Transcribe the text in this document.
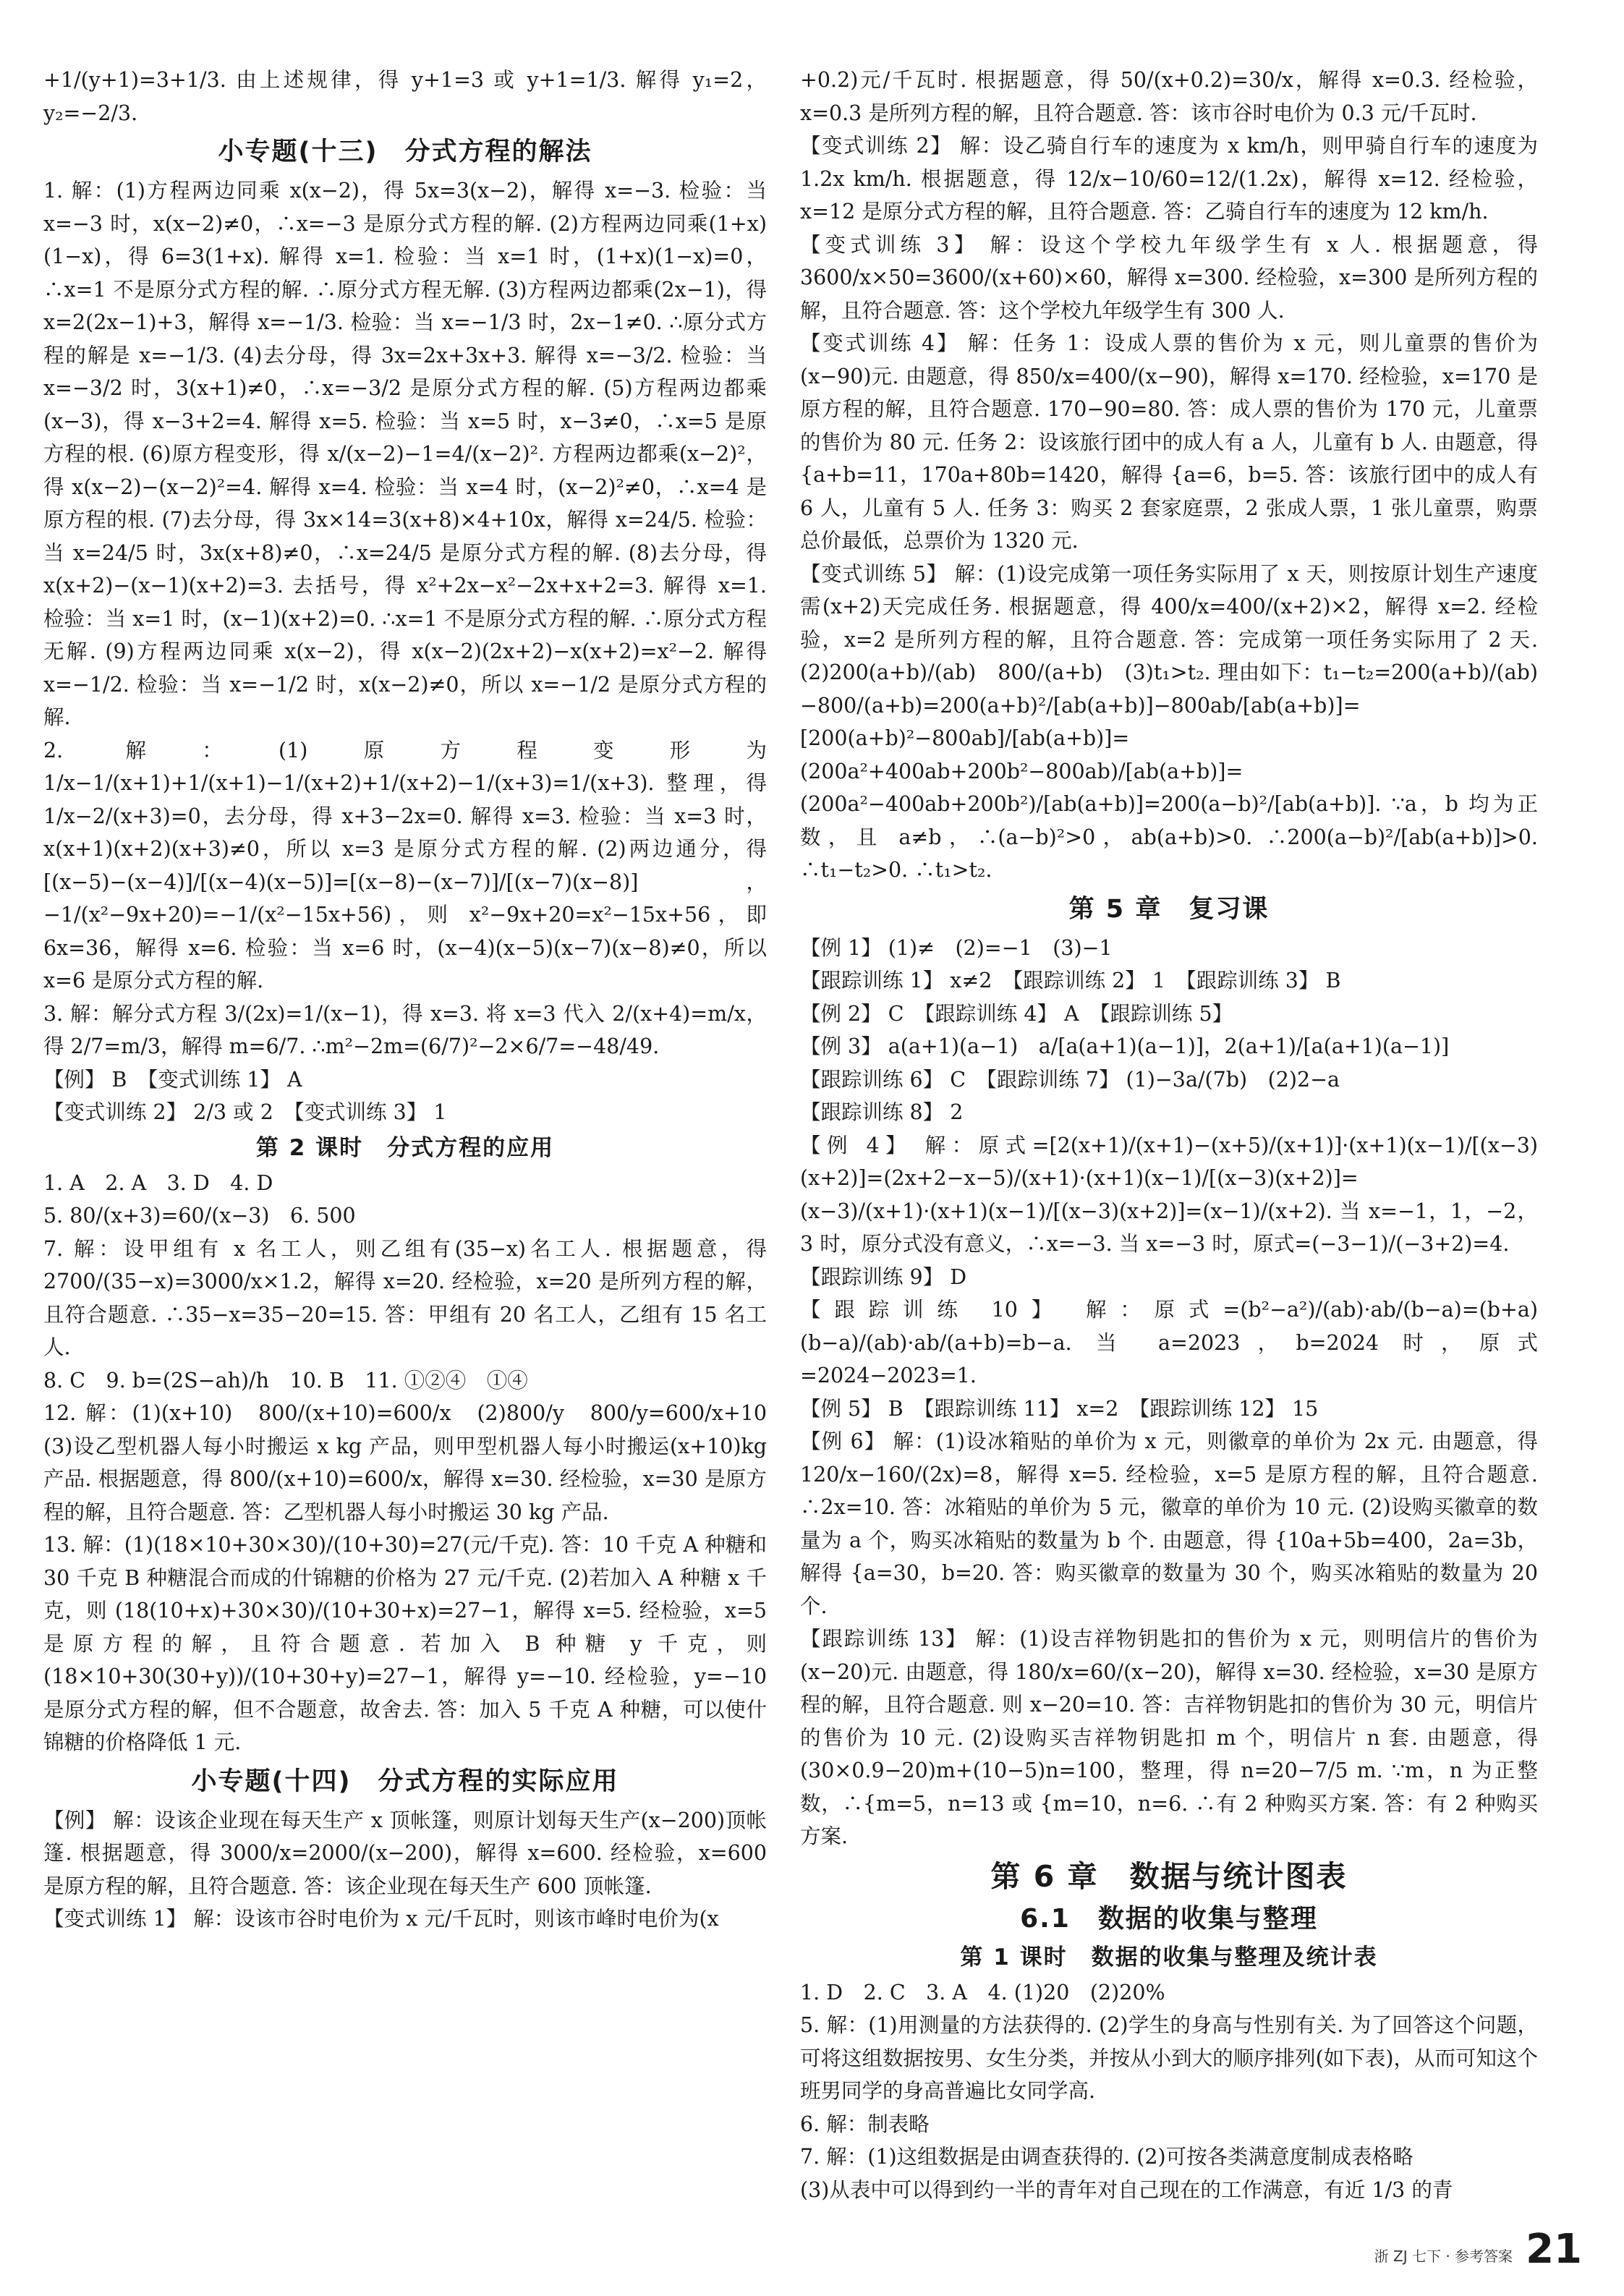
+1/(y+1)=3+1/3. 由上述规律，得 y+1=3 或 y+1=1/3. 解得 y₁=2，y₂=−2/3.

小专题(十三)　分式方程的解法

1. 解：(1)方程两边同乘 x(x−2)，得 5x=3(x−2)，解得 x=−3. 检验：当 x=−3 时，x(x−2)≠0，∴x=−3 是原分式方程的解. (2)方程两边同乘(1+x)(1−x)，得 6=3(1+x). 解得 x=1. 检验：当 x=1 时，(1+x)(1−x)=0，∴x=1 不是原分式方程的解. ∴原分式方程无解. (3)方程两边都乘(2x−1)，得 x=2(2x−1)+3，解得 x=−1/3. 检验：当 x=−1/3 时，2x−1≠0. ∴原分式方程的解是 x=−1/3. (4)去分母，得 3x=2x+3x+3. 解得 x=−3/2. 检验：当 x=−3/2 时，3(x+1)≠0，∴x=−3/2 是原分式方程的解. (5)方程两边都乘(x−3)，得 x−3+2=4. 解得 x=5. 检验：当 x=5 时，x−3≠0，∴x=5 是原方程的根. (6)原方程变形，得 x/(x−2)−1=4/(x−2)². 方程两边都乘(x−2)²，得 x(x−2)−(x−2)²=4. 解得 x=4. 检验：当 x=4 时，(x−2)²≠0，∴x=4 是原方程的根. (7)去分母，得 3x×14=3(x+8)×4+10x，解得 x=24/5. 检验：当 x=24/5 时，3x(x+8)≠0，∴x=24/5 是原分式方程的解. (8)去分母，得 x(x+2)−(x−1)(x+2)=3. 去括号，得 x²+2x−x²−2x+x+2=3. 解得 x=1. 检验：当 x=1 时，(x−1)(x+2)=0. ∴x=1 不是原分式方程的解. ∴原分式方程无解. (9)方程两边同乘 x(x−2)，得 x(x−2)(2x+2)−x(x+2)=x²−2. 解得 x=−1/2. 检验：当 x=−1/2 时，x(x−2)≠0，所以 x=−1/2 是原分式方程的解.

2. 解：(1)原方程变形为 1/x−1/(x+1)+1/(x+1)−1/(x+2)+1/(x+2)−1/(x+3)=1/(x+3). 整理，得 1/x−2/(x+3)=0，去分母，得 x+3−2x=0. 解得 x=3. 检验：当 x=3 时，x(x+1)(x+2)(x+3)≠0，所以 x=3 是原分式方程的解. (2)两边通分，得 [(x−5)−(x−4)]/[(x−4)(x−5)]=[(x−8)−(x−7)]/[(x−7)(x−8)]，−1/(x²−9x+20)=−1/(x²−15x+56)，则 x²−9x+20=x²−15x+56，即 6x=36，解得 x=6. 检验：当 x=6 时，(x−4)(x−5)(x−7)(x−8)≠0，所以 x=6 是原分式方程的解.

3. 解：解分式方程 3/(2x)=1/(x−1)，得 x=3. 将 x=3 代入 2/(x+4)=m/x，得 2/7=m/3，解得 m=6/7. ∴m²−2m=(6/7)²−2×6/7=−48/49.

【例】 B　【变式训练 1】 A

【变式训练 2】 2/3 或 2　【变式训练 3】 1

第 2 课时　分式方程的应用

1. A　2. A　3. D　4. D

5. 80/(x+3)=60/(x−3)　6. 500

7. 解：设甲组有 x 名工人，则乙组有(35−x)名工人. 根据题意，得 2700/(35−x)=3000/x×1.2，解得 x=20. 经检验，x=20 是所列方程的解，且符合题意. ∴35−x=35−20=15. 答：甲组有 20 名工人，乙组有 15 名工人.

8. C　9. b=(2S−ah)/h　10. B　11. ①②④　①④

12. 解：(1)(x+10)　800/(x+10)=600/x　(2)800/y　800/y=600/x+10　(3)设乙型机器人每小时搬运 x kg 产品，则甲型机器人每小时搬运(x+10)kg 产品. 根据题意，得 800/(x+10)=600/x，解得 x=30. 经检验，x=30 是原方程的解，且符合题意. 答：乙型机器人每小时搬运 30 kg 产品.

13. 解：(1)(18×10+30×30)/(10+30)=27(元/千克). 答：10 千克 A 种糖和 30 千克 B 种糖混合而成的什锦糖的价格为 27 元/千克. (2)若加入 A 种糖 x 千克，则 (18(10+x)+30×30)/(10+30+x)=27−1，解得 x=5. 经检验，x=5 是原方程的解，且符合题意. 若加入 B 种糖 y 千克，则 (18×10+30(30+y))/(10+30+y)=27−1，解得 y=−10. 经检验，y=−10 是原分式方程的解，但不合题意，故舍去. 答：加入 5 千克 A 种糖，可以使什锦糖的价格降低 1 元.

小专题(十四)　分式方程的实际应用

【例】 解：设该企业现在每天生产 x 顶帐篷，则原计划每天生产(x−200)顶帐篷. 根据题意，得 3000/x=2000/(x−200)，解得 x=600. 经检验，x=600 是原方程的解，且符合题意. 答：该企业现在每天生产 600 顶帐篷.

【变式训练 1】 解：设该市谷时电价为 x 元/千瓦时，则该市峰时电价为(x

+0.2)元/千瓦时. 根据题意，得 50/(x+0.2)=30/x，解得 x=0.3. 经检验，x=0.3 是所列方程的解，且符合题意. 答：该市谷时电价为 0.3 元/千瓦时.

【变式训练 2】 解：设乙骑自行车的速度为 x km/h，则甲骑自行车的速度为 1.2x km/h. 根据题意，得 12/x−10/60=12/(1.2x)，解得 x=12. 经检验，x=12 是原分式方程的解，且符合题意. 答：乙骑自行车的速度为 12 km/h.

【变式训练 3】 解：设这个学校九年级学生有 x 人. 根据题意，得 3600/x×50=3600/(x+60)×60，解得 x=300. 经检验，x=300 是所列方程的解，且符合题意. 答：这个学校九年级学生有 300 人.

【变式训练 4】 解：任务 1：设成人票的售价为 x 元，则儿童票的售价为(x−90)元. 由题意，得 850/x=400/(x−90)，解得 x=170. 经检验，x=170 是原方程的解，且符合题意. 170−90=80. 答：成人票的售价为 170 元，儿童票的售价为 80 元. 任务 2：设该旅行团中的成人有 a 人，儿童有 b 人. 由题意，得 {a+b=11，170a+80b=1420，解得 {a=6，b=5. 答：该旅行团中的成人有 6 人，儿童有 5 人. 任务 3：购买 2 套家庭票，2 张成人票，1 张儿童票，购票总价最低，总票价为 1320 元.

【变式训练 5】 解：(1)设完成第一项任务实际用了 x 天，则按原计划生产速度需(x+2)天完成任务. 根据题意，得 400/x=400/(x+2)×2，解得 x=2. 经检验，x=2 是所列方程的解，且符合题意. 答：完成第一项任务实际用了 2 天. (2)200(a+b)/(ab)　800/(a+b)　(3)t₁>t₂. 理由如下：t₁−t₂=200(a+b)/(ab)−800/(a+b)=200(a+b)²/[ab(a+b)]−800ab/[ab(a+b)]=[200(a+b)²−800ab]/[ab(a+b)]=(200a²+400ab+200b²−800ab)/[ab(a+b)]=(200a²−400ab+200b²)/[ab(a+b)]=200(a−b)²/[ab(a+b)]. ∵a，b 均为正数，且 a≠b，∴(a−b)²>0，ab(a+b)>0. ∴200(a−b)²/[ab(a+b)]>0. ∴t₁−t₂>0. ∴t₁>t₂.

第 5 章　复习课

【例 1】 (1)≠　(2)=−1　(3)−1

【跟踪训练 1】 x≠2　【跟踪训练 2】 1　【跟踪训练 3】 B

【例 2】 C　【跟踪训练 4】 A　【跟踪训练 5】

【例 3】 a(a+1)(a−1)　a/[a(a+1)(a−1)]，2(a+1)/[a(a+1)(a−1)]

【跟踪训练 6】 C　【跟踪训练 7】 (1)−3a/(7b)　(2)2−a

【跟踪训练 8】 2

【例 4】 解：原式=[2(x+1)/(x+1)−(x+5)/(x+1)]·(x+1)(x−1)/[(x−3)(x+2)]=(2x+2−x−5)/(x+1)·(x+1)(x−1)/[(x−3)(x+2)]=(x−3)/(x+1)·(x+1)(x−1)/[(x−3)(x+2)]=(x−1)/(x+2). 当 x=−1，1，−2，3 时，原分式没有意义，∴x=−3. 当 x=−3 时，原式=(−3−1)/(−3+2)=4.

【跟踪训练 9】 D

【跟踪训练 10】 解：原式=(b²−a²)/(ab)·ab/(b−a)=(b+a)(b−a)/(ab)·ab/(a+b)=b−a. 当 a=2023，b=2024 时，原式=2024−2023=1.

【例 5】 B　【跟踪训练 11】 x=2　【跟踪训练 12】 15

【例 6】 解：(1)设冰箱贴的单价为 x 元，则徽章的单价为 2x 元. 由题意，得 120/x−160/(2x)=8，解得 x=5. 经检验，x=5 是原方程的解，且符合题意. ∴2x=10. 答：冰箱贴的单价为 5 元，徽章的单价为 10 元. (2)设购买徽章的数量为 a 个，购买冰箱贴的数量为 b 个. 由题意，得 {10a+5b=400，2a=3b，解得 {a=30，b=20. 答：购买徽章的数量为 30 个，购买冰箱贴的数量为 20 个.

【跟踪训练 13】 解：(1)设吉祥物钥匙扣的售价为 x 元，则明信片的售价为(x−20)元. 由题意，得 180/x=60/(x−20)，解得 x=30. 经检验，x=30 是原方程的解，且符合题意. 则 x−20=10. 答：吉祥物钥匙扣的售价为 30 元，明信片的售价为 10 元. (2)设购买吉祥物钥匙扣 m 个，明信片 n 套. 由题意，得(30×0.9−20)m+(10−5)n=100，整理，得 n=20−7/5 m. ∵m，n 为正整数，∴{m=5，n=13 或 {m=10，n=6. ∴有 2 种购买方案. 答：有 2 种购买方案.

第 6 章　数据与统计图表

6.1　数据的收集与整理

第 1 课时　数据的收集与整理及统计表

1. D　2. C　3. A　4. (1)20　(2)20%

5. 解：(1)用测量的方法获得的. (2)学生的身高与性别有关. 为了回答这个问题，可将这组数据按男、女生分类，并按从小到大的顺序排列(如下表)，从而可知这个班男同学的身高普遍比女同学高.

6. 解：制表略

7. 解：(1)这组数据是由调查获得的. (2)可按各类满意度制成表格略

(3)从表中可以得到约一半的青年对自己现在的工作满意，有近 1/3 的青

浙 ZJ 七下 · 参考答案 21
